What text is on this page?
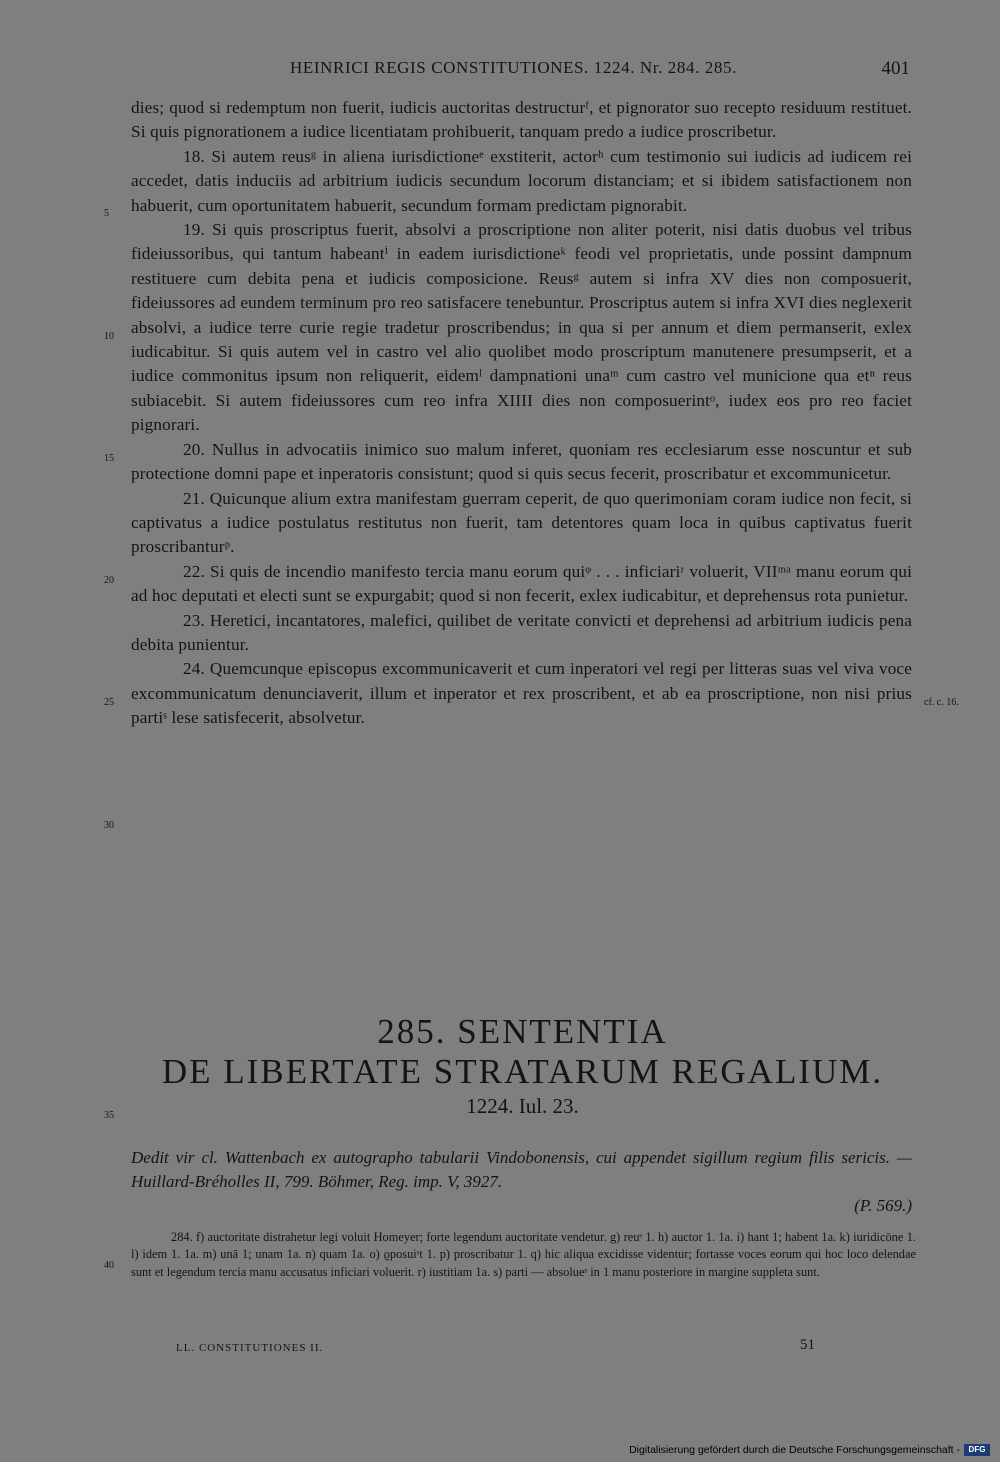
HEINRICI REGIS CONSTITUTIONES. 1224. Nr. 284. 285.	401

dies; quod si redemptum non fuerit, iudicis auctoritas destructurᶠ, et pignorator suo recepto residuum restituet. Si quis pignorationem a iudice licentiatam prohibuerit, tanquam predo a iudice proscribetur.

18. Si autem reusᵍ in aliena iurisdictioneᵉ exstiterit, actorʰ cum testimonio sui iudicis ad iudicem rei accedet, datis induciis ad arbitrium iudicis secundum locorum distanciam; et si ibidem satisfactionem non habuerit, cum oportunitatem habuerit, secundum formam predictam pignorabit.

19. Si quis proscriptus fuerit, absolvi a proscriptione non aliter poterit, nisi datis duobus vel tribus fideiussoribus, qui tantum habeantⁱ in eadem iurisdictioneᵏ feodi vel proprietatis, unde possint dampnum restituere cum debita pena et iudicis composicione. Reusᵍ autem si infra XV dies non composuerit, fideiussores ad eundem terminum pro reo satisfacere tenebuntur. Proscriptus autem si infra XVI dies neglexerit absolvi, a iudice terre curie regie tradetur proscribendus; in qua si per annum et diem permanserit, exlex iudicabitur. Si quis autem vel in castro vel alio quolibet modo proscriptum manutenere presumpserit, et a iudice commonitus ipsum non reliquerit, eidemˡ dampnationi unaᵐ cum castro vel municione qua etⁿ reus subiacebit. Si autem fideiussores cum reo infra XIIII dies non composuerintᵒ, iudex eos pro reo faciet pignorari.

20. Nullus in advocatiis inimico suo malum inferet, quoniam res ecclesiarum esse noscuntur et sub protectione domni pape et inperatoris consistunt; quod si quis secus fecerit, proscribatur et excommunicetur.

21. Quicunque alium extra manifestam guerram ceperit, de quo querimoniam coram iudice non fecit, si captivatus a iudice postulatus restitutus non fuerit, tam detentores quam loca in quibus captivatus fuerit proscribanturᵖ.

22. Si quis de incendio manifesto tercia manu eorum quiᵠ . . . inficiariʳ voluerit, VIIᵐᵃ manu eorum qui ad hoc deputati et electi sunt se expurgabit; quod si non fecerit, exlex iudicabitur, et deprehensus rota punietur.

23. Heretici, incantatores, malefici, quilibet de veritate convicti et deprehensi ad arbitrium iudicis pena debita punientur.

24. Quemcunque episcopus excommunicaverit et cum inperatori vel regi per litteras suas vel viva voce excommunicatum denunciaverit, illum et inperator et rex proscribent, et ab ea proscriptione, non nisi prius partiˢ lese satisfecerit, absolvetur.

5
10
15
20
25
30
35
40
cf. c. 16.
285. SENTENTIA
DE LIBERTATE STRATARUM REGALIUM.
1224. Iul. 23.
Dedit vir cl. Wattenbach ex autographo tabularii Vindobonensis, cui appendet sigillum regium filis sericis. — Huillard-Bréholles II, 799. Böhmer, Reg. imp. V, 3927.
(P. 569.)

284. f) auctoritate distrahetur legi voluit Homeyer; forte legendum auctoritate vendetur. g) reuˢ 1. h) auctor 1. 1a. i) hant 1; habent 1a. k) iuridicōne 1. l) idem 1. 1a. m) unā 1; unam 1a. n) quam 1a. o) ϱposuiˢt 1. p) proscribatur 1. q) hic aliqua excidisse videntur; fortasse voces eorum qui hoc loco delendae sunt et legendum tercia manu accusatus inficiari voluerit. r) iustitiam 1a. s) parti — absolueˢ in 1 manu posteriore in margine suppleta sunt.

LL. CONSTITUTIONES II.	51
Digitalisierung gefördert durch die Deutsche Forschungsgemeinschaft -	DFG
